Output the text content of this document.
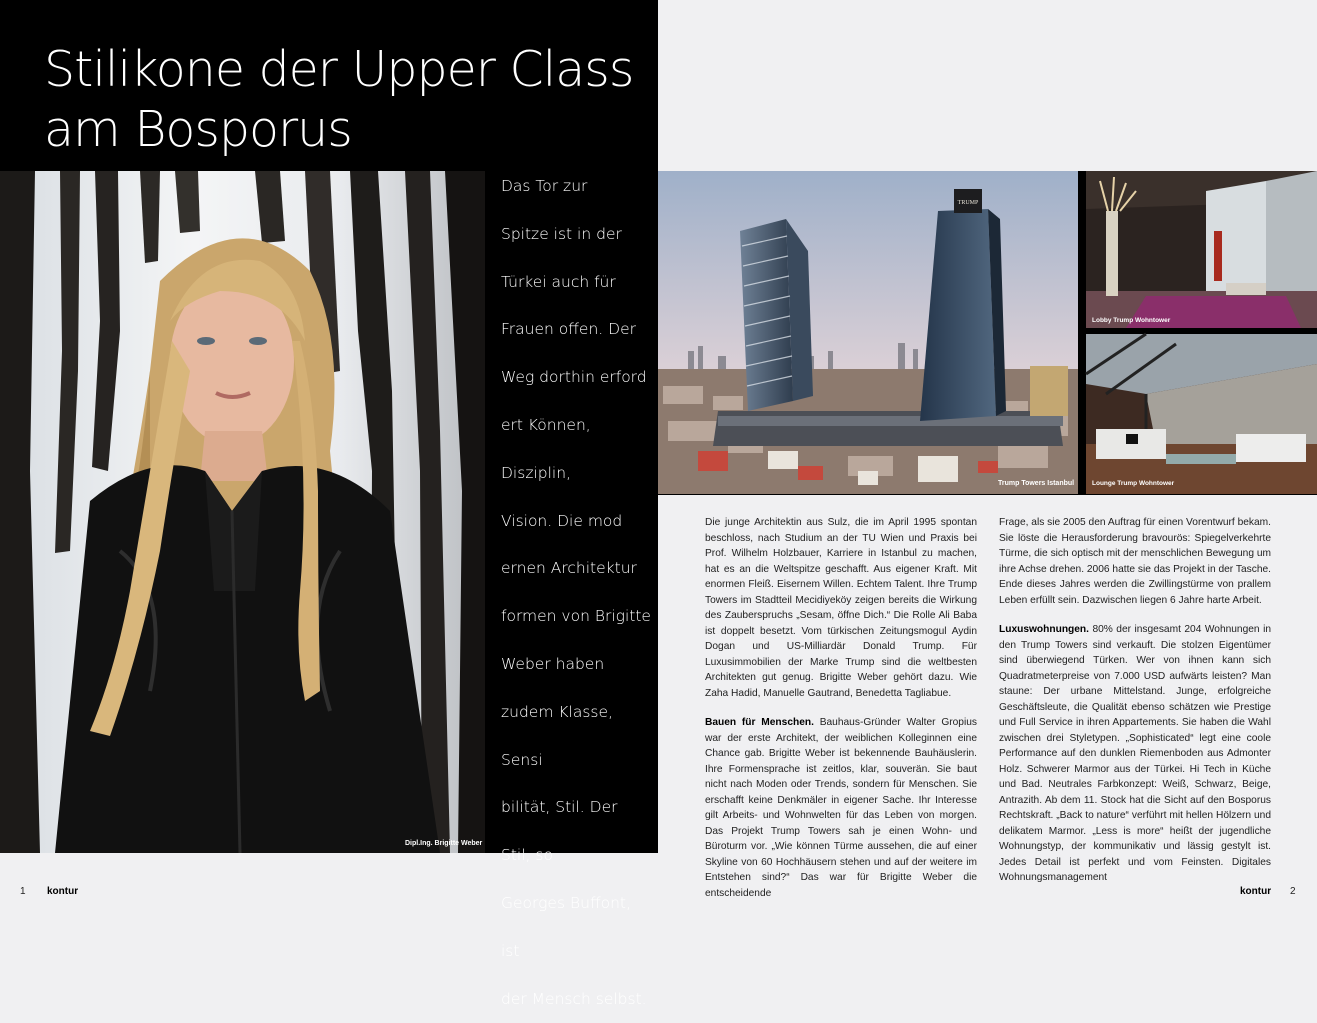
Stilikone der Upper Class
am Bosporus
Dipl.Ing. Brigitte Weber
Das Tor zur
Spitze ist in der
Türkei auch für
Frauen offen. Der
Weg dorthin erford
ert Können, Disziplin,
Vision. Die mod
ernen Architektur
formen von Brigitte
Weber haben
zudem Klasse, Sensi
bilität, Stil. Der Stil, so
Georges Buffont, ist
der Mensch selbst.
TRUMP
Trump Towers Istanbul
Lobby Trump Wohntower
Lounge Trump Wohntower

Die junge Architektin aus Sulz, die im April 1995 spontan beschloss, nach Studium an der TU Wien und Praxis bei Prof. Wilhelm Holzbauer, Karriere in Istanbul zu machen, hat es an die Weltspitze geschafft. Aus eigener Kraft. Mit enormen Fleiß. Eisernem Willen. Echtem Talent. Ihre Trump Towers im Stadtteil Mecidiyeköy zeigen bereits die Wirkung des Zauberspruchs „Sesam, öffne Dich.“ Die Rolle Ali Baba ist doppelt besetzt. Vom türkischen Zeitungsmogul Aydin Dogan und US-Milliardär Donald Trump. Für Luxusimmobilien der Marke Trump sind die weltbesten Architekten gut genug. Brigitte Weber gehört dazu. Wie Zaha Hadid, Manuelle Gautrand, Benedetta Tagliabue.

Bauen für Menschen. Bauhaus-Gründer Walter Gropius war der erste Architekt, der weiblichen Kolleginnen eine Chance gab. Brigitte Weber ist bekennende Bauhäuslerin. Ihre Formensprache ist zeitlos, klar, souverän. Sie baut nicht nach Moden oder Trends, sondern für Menschen. Sie erschafft keine Denkmäler in eigener Sache. Ihr Interesse gilt Arbeits- und Wohnwelten für das Leben von morgen. Das Projekt Trump Towers sah je einen Wohn- und Büroturm vor. „Wie können Türme aussehen, die auf einer Skyline von 60 Hochhäusern stehen und auf der weitere im Entstehen sind?“ Das war für Brigitte Weber die entscheidende

Frage, als sie 2005 den Auftrag für einen Vorentwurf bekam. Sie löste die Herausforderung bravourös: Spiegelverkehrte Türme, die sich optisch mit der menschlichen Bewegung um ihre Achse drehen. 2006 hatte sie das Projekt in der Tasche. Ende dieses Jahres werden die Zwillingstürme von prallem Leben erfüllt sein. Dazwischen liegen 6 Jahre harte Arbeit.

Luxuswohnungen. 80% der insgesamt 204 Wohnungen in den Trump Towers sind verkauft. Die stolzen Eigentümer sind überwiegend Türken. Wer von ihnen kann sich Quadratmeterpreise von 7.000 USD aufwärts leisten? Man staune: Der urbane Mittelstand. Junge, erfolgreiche Geschäftsleute, die Qualität ebenso schätzen wie Prestige und Full Service in ihren Appartements. Sie haben die Wahl zwischen drei Styletypen. „Sophisticated“ legt eine coole Performance auf den dunklen Riemenboden aus Admonter Holz. Schwerer Marmor aus der Türkei. Hi Tech in Küche und Bad. Neutrales Farbkonzept: Weiß, Schwarz, Beige, Antrazith. Ab dem 11. Stock hat die Sicht auf den Bosporus Rechtskraft. „Back to nature“ verführt mit hellen Hölzern und delikatem Marmor. „Less is more“ heißt der jugendliche Wohnungstyp, der kommunikativ und lässig gestylt ist. Jedes Detail ist perfekt und vom Feinsten. Digitales Wohnungsmanagement

1 kontur	kontur 2
